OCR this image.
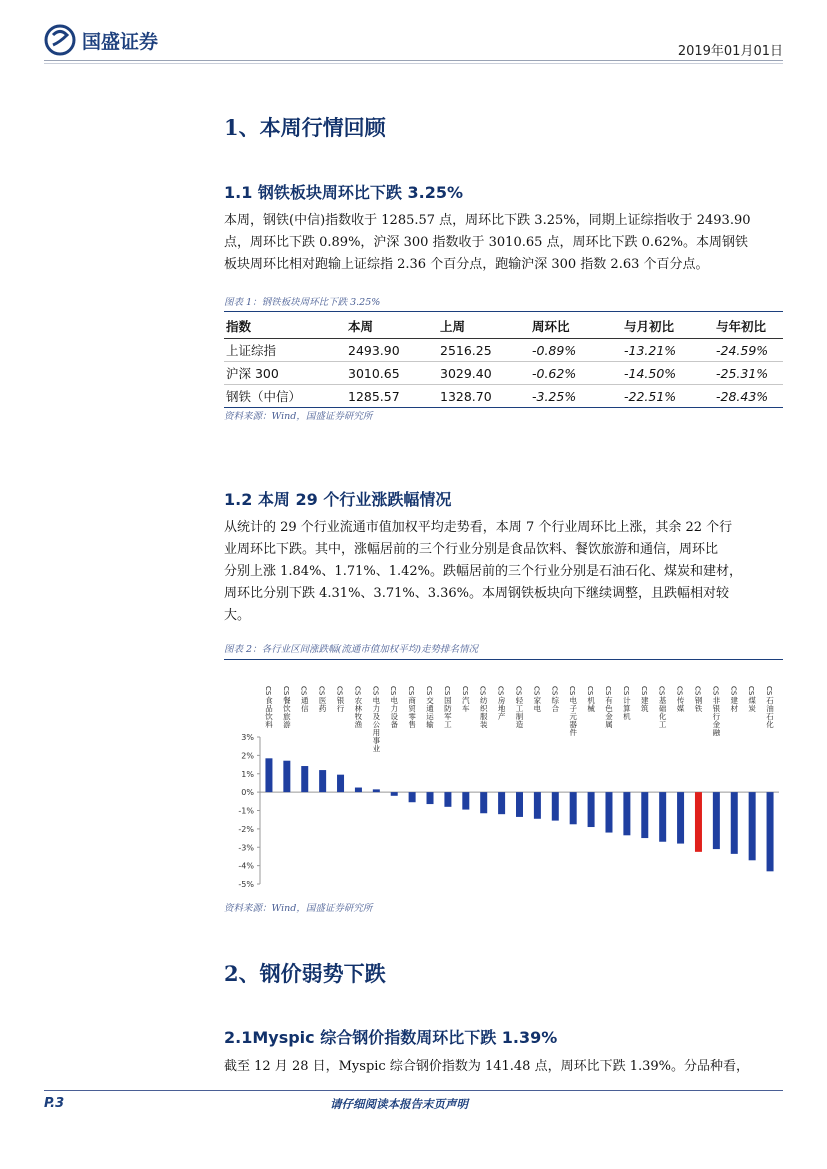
国盛证券	2019年01月01日
1、本周行情回顾
1.1 钢铁板块周环比下跌 3.25%
本周，钢铁(中信)指数收于 1285.57 点，周环比下跌 3.25%，同期上证综指收于 2493.90
点，周环比下跌 0.89%，沪深 300 指数收于 3010.65 点，周环比下跌 0.62%。本周钢铁
板块周环比相对跑输上证综指 2.36 个百分点，跑输沪深 300 指数 2.63 个百分点。
图表 1：钢铁板块周环比下跌 3.25%
指数	本周	上周	周环比	与月初比	与年初比
上证综指	2493.90	2516.25	-0.89%	-13.21%	-24.59%
沪深 300	3010.65	3029.40	-0.62%	-14.50%	-25.31%
钢铁（中信）	1285.57	1328.70	-3.25%	-22.51%	-28.43%
资料来源：Wind，国盛证券研究所
1.2 本周 29 个行业涨跌幅情况
从统计的 29 个行业流通市值加权平均走势看，本周 7 个行业周环比上涨，其余 22 个行
业周环比下跌。其中，涨幅居前的三个行业分别是食品饮料、餐饮旅游和通信，周环比
分别上涨 1.84%、1.71%、1.42%。跌幅居前的三个行业分别是石油石化、煤炭和建材，
周环比分别下跌 4.31%、3.71%、3.36%。本周钢铁板块向下继续调整，且跌幅相对较
大。
图表 2：各行业区间涨跌幅(流通市值加权平均)走势排名情况
3%
2%
1%
0%
-1%
-2%
-3%
-4%
-5%
CS
食
品
饮
料
CS
餐
饮
旅
游
CS
通
信
CS
医
药
CS
银
行
CS
农
林
牧
渔
CS
电
力
及
公
用
事
业
CS
电
力
设
备
CS
商
贸
零
售
CS
交
通
运
输
CS
国
防
军
工
CS
汽
车
CS
纺
织
服
装
CS
房
地
产
CS
轻
工
制
造
CS
家
电
CS
综
合
CS
电
子
元
器
件
CS
机
械
CS
有
色
金
属
CS
计
算
机
CS
建
筑
CS
基
础
化
工
CS
传
媒
CS
钢
铁
CS
非
银
行
金
融
CS
建
材
CS
煤
炭
CS
石
油
石
化
资料来源：Wind，国盛证券研究所
2、钢价弱势下跌
2.1Myspic 综合钢价指数周环比下跌 1.39%
截至 12 月 28 日，Myspic 综合钢价指数为 141.48 点，周环比下跌 1.39%。分品种看，
P.3	请仔细阅读本报告末页声明
